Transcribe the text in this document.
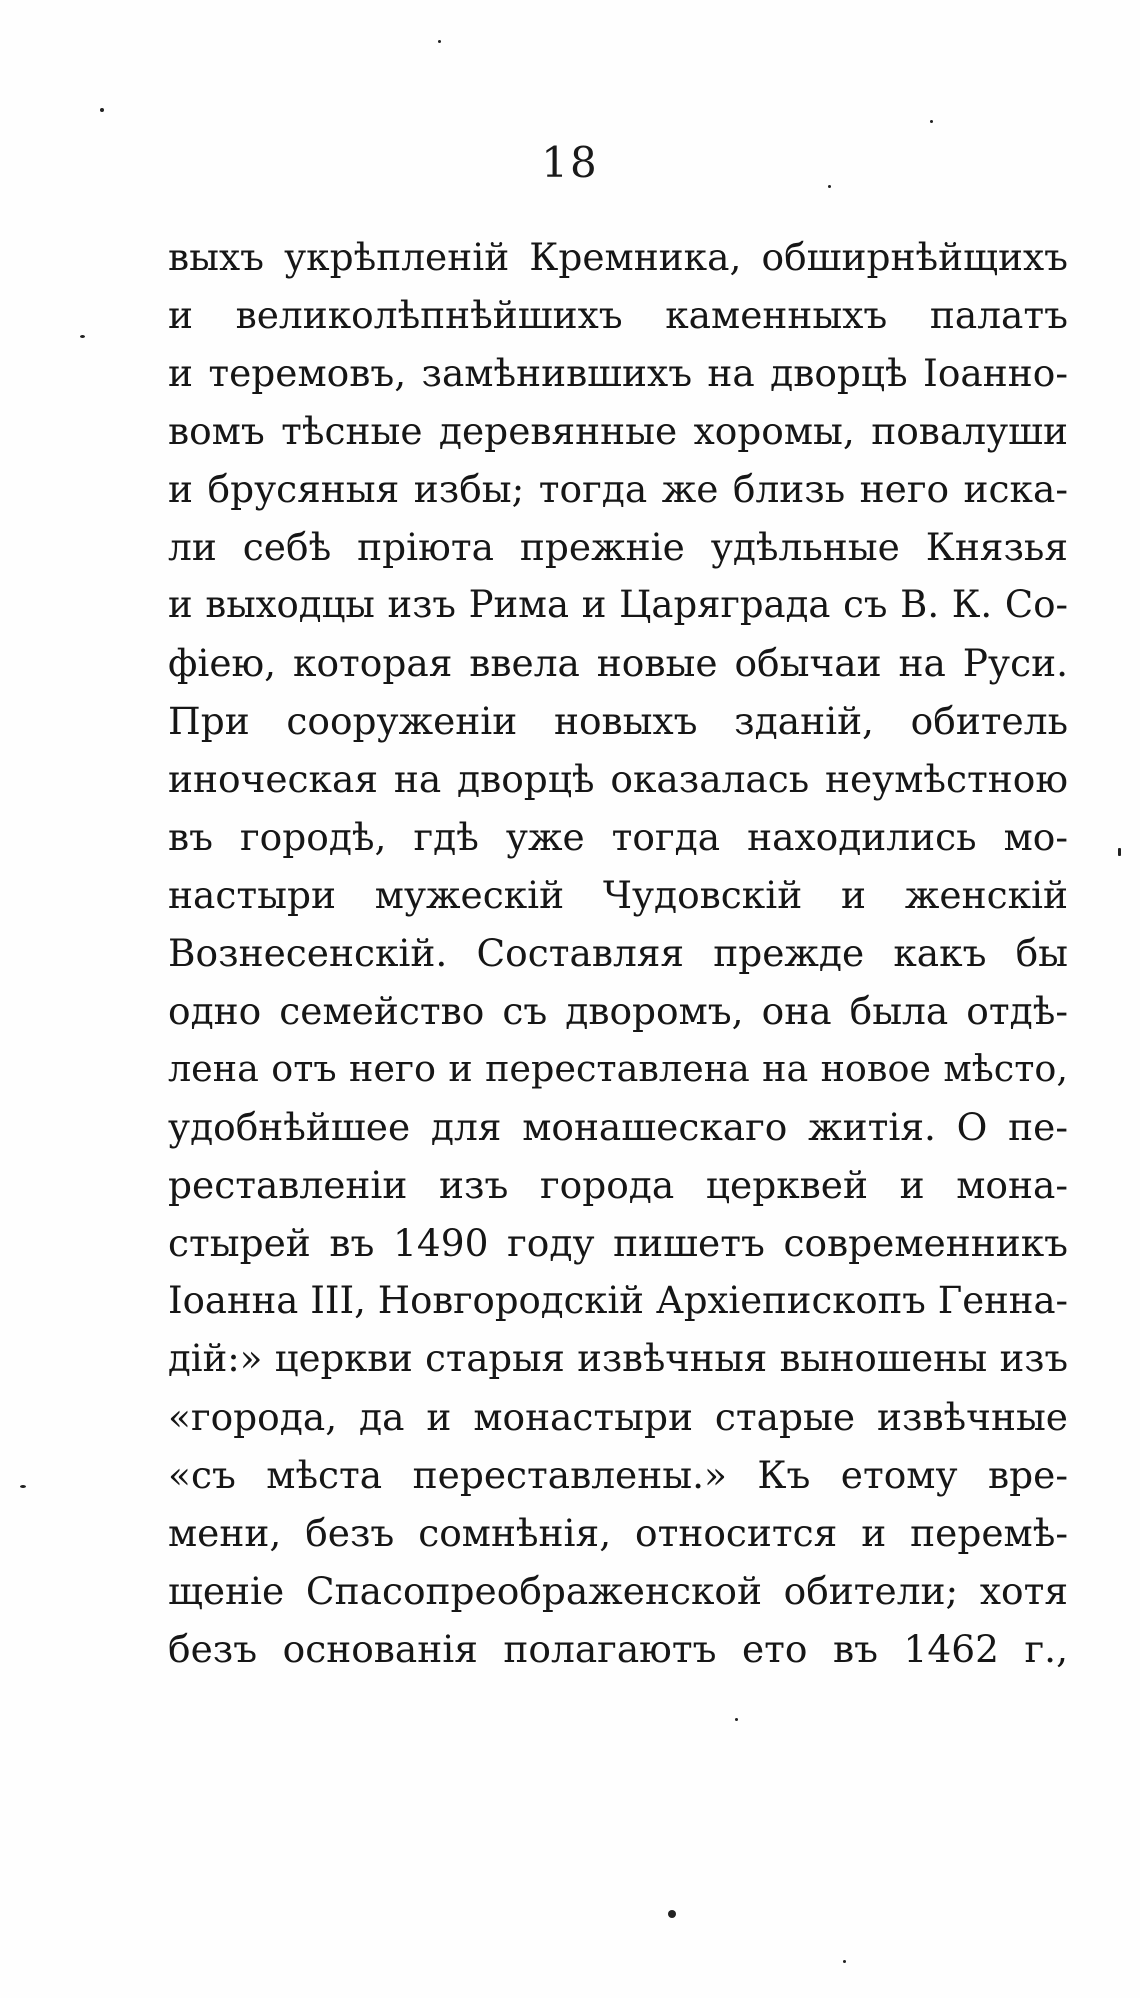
18
выхъ укрѣпленій Кремника, обширнѣйщихъ
и великолѣпнѣйшихъ каменныхъ палатъ
и теремовъ, замѣнившихъ на дворцѣ Іоанно-
вомъ тѣсные деревянные хоромы, повалуши
и брусяныя избы; тогда же близь него иска-
ли себѣ пріюта прежніе удѣльные Князья
и выходцы изъ Рима и Царяграда съ В. К. Со-
фіею, которая ввела новые обычаи на Руси.
При сооруженіи новыхъ зданій, обитель
иноческая на дворцѣ оказалась неумѣстною
въ городѣ, гдѣ уже тогда находились мо-
настыри мужескій Чудовскій и женскій
Вознесенскій. Составляя прежде какъ бы
одно семейство съ дворомъ, она была отдѣ-
лена отъ него и переставлена на новое мѣсто,
удобнѣйшее для монашескаго житія. О пе-
реставленіи изъ города церквей и мона-
стырей въ 1490 году пишетъ современникъ
Іоанна III, Новгородскій Архіепископъ Генна-
дій:» церкви старыя извѣчныя выношены изъ
«города, да и монастыри старые извѣчные
«съ мѣста переставлены.» Къ етому вре-
мени, безъ сомнѣнія, относится и перемѣ-
щеніе Спасопреображенской обители; хотя
безъ основанія полагаютъ ето въ 1462 г.,
